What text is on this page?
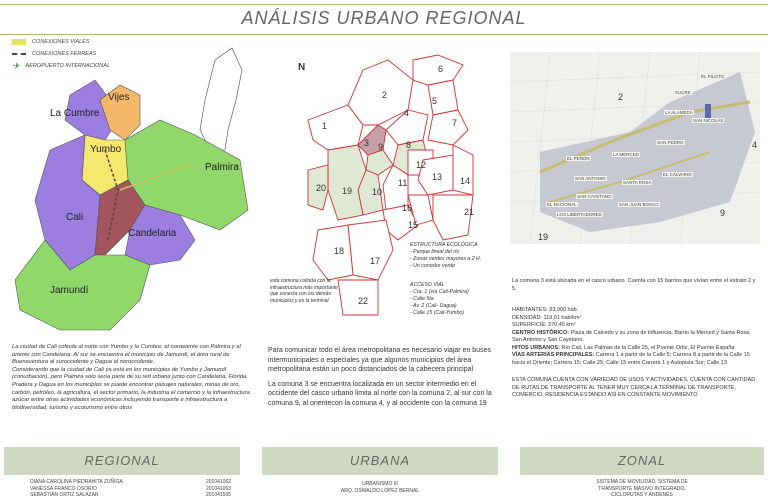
ANÁLISIS URBANO REGIONAL
CONEXIONES VIALES
CONEXIONES FÉRREAS
✈ AEROPUERTO INTERNACIONAL
Vijes
La Cumbre
Yumbo
Palmira
Cali
Candelaria
Jamundí
La ciudad de Cali colinda al norte con Yumbo y la Cumbre, al noroeiente con Palmira y al oriente con Candelaria. Al sur se encuentra el municipio de Jamundí, el área rural de Buenaventura al suroccidente y Dagua al noroccidente.
Considerando que la ciudad de Cali ya está en los municipios de Yumbo y Jamundí (conurbación), pero Palmira solo sería parte de su red urbana junto con Candelaria, Florida, Pradera y Dagua en los municipios se puede encontrar paisajes naturales, minas de oro, carbón, petróleo, la agricultura, el sector primario, la industria el comercio y la infraestructura azúcar entre otras actividades económicas incluyendo transporte e infraestructura a biodiversidad, turismo y ecoturismo entre otros
N
1
2
3
4
5
6
7
8
9
10
11
12
13 14
15
16
17
18
19
20
21
22
esta comuna colinda con la infraestructura más importante que conecta con los demás municipios y es la terminal
ESTRUCTURA ECOLÓGICA
- Parque lineal del río
- Zonas verdes mayores a 2 H.
- Un corredor verde
ACCESO VIAL
- Cra. 1 (vía Cali-Palmira)
- Calle 5ta
- Av. 2 (Cali- Dagua)
- Calle 15 (Cali-Yumbo)
Para comunicar todo el área metropolitana es necesario viajar en buses intermunicipales o especiales ya que algunos municipios del área metropolitana están un poco distanciados de la cabecera principal
La comuna 3 se encuentra localizada en un sector intermedio en el occidente del casco urbano limita al norte con la comuna 2, al sur con la comuna 9, al orientecon la comuna 4, y al occidente con la comuna 19
EL PEÑÓN
LA MERCED
SAN PEDRO
SAN ANTONIO
SANTA ROSA
EL CALVARIO
SAN CAYETANO
SAN JUAN BOSCO
EL NACIONAL
LOS LIBERTADORES
EL PILOTO
SAN NICOLÁS
SUCRE
LA ALAMEDA
2
4
9
19
La comuna 3 está ubicada en el casco urbano. Cuenta con 15 barrios que vivían entre el estrato 2 y 5.
HABITANTES: 33,900 hab.
DENSIDAD: 119,01 hab/km²
SUPERFICIE: 370,45 km²
CENTRO HISTÓRICO: Plaza de Caicedo y su zona de influencia, Barrio la Merced y Santa Rosa, San Antonio y San Cayetano.
HITOS URBANOS: Río Cali, Las Palmas de la Calle 25, el Puente Ortiz, El Puente España
VÍAS ARTERIAS PRINCIPALES: Carrera 1 a partir de la Calle 5; Carrera 8 a partir de la Calle 15 hacia el Oriente; Carrera 15; Calle 25; Calle 15 entre Carrera 1 y Autopista Sur; Calle 13
ESTA COMUNA CUENTA CON VARIEDAD DE USOS Y ACTIVIDADES, CUENTA CON CANTIDAD DE RUTAS DE TRANSPORTE AL TENER MUY CERCA LA TERMINAL DE TRANSPORTE, COMERCIO, RESIDENCIA ESTANDO ASÍ EN CONSTANTE MOVIMIENTO
REGIONAL	URBANA	ZONAL
DIANA CAROLINA PIEDRAHITA ZUÑIGA
VANESSA FRANCO OSORIO
SEBASTIÁN ORTIZ SALAZAR
201041062
201041063
201041505
URBANISMO III
ARQ. OSWALDO LOPEZ BERNAL
SISTEMA DE MOVILIDAD, SISTEMA DE
TRANSPORTE MASIVO INTEGRADO,
CICLORUTAS Y ANDENES
